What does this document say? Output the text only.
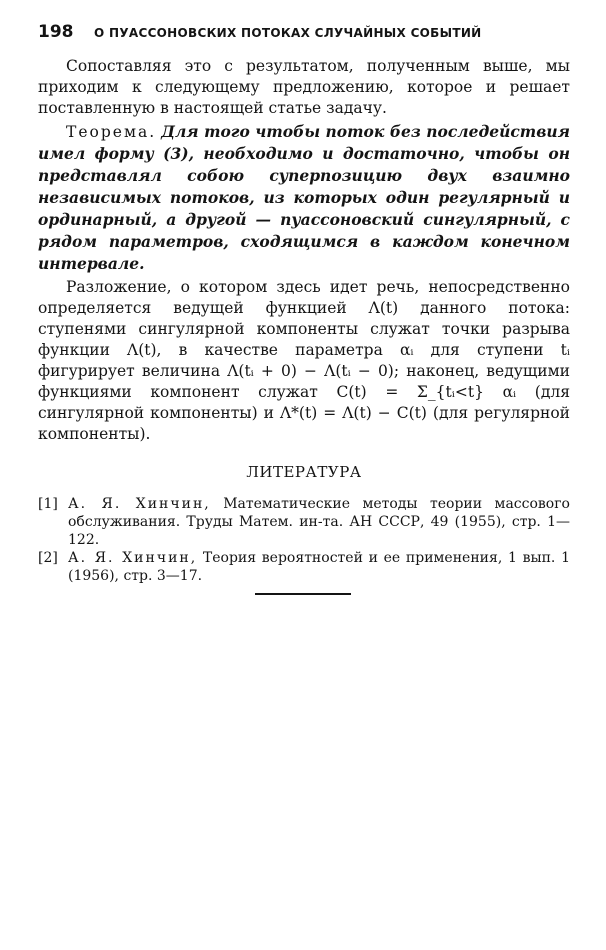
198	О ПУАССОНОВСКИХ ПОТОКАХ СЛУЧАЙНЫХ СОБЫТИЙ

Сопоставляя это с результатом, полученным выше, мы приходим к следующему предложению, которое и решает поставленную в настоящей статье задачу.

Теорема. Для того чтобы поток без последействия имел форму (3), необходимо и достаточно, чтобы он представлял собою суперпозицию двух взаимно независимых потоков, из которых один регулярный и ординарный, а другой — пуассоновский сингулярный, с рядом параметров, сходящимся в каждом конечном интервале.

Разложение, о котором здесь идет речь, непосредственно определяется ведущей функцией Λ(t) данного потока: ступенями сингулярной компоненты служат точки разрыва функции Λ(t), в качестве параметра αᵢ для ступени tᵢ фигурирует величина Λ(tᵢ + 0) − Λ(tᵢ − 0); наконец, ведущими функциями компонент служат C(t) = Σ_{tᵢ<t} αᵢ (для сингулярной компоненты) и Λ*(t) = Λ(t) − C(t) (для регулярной компоненты).

ЛИТЕРАТУРА
[1] А. Я. Хинчин, Математические методы теории массового обслуживания. Труды Матем. ин-та. АН СССР, 49 (1955), стр. 1—122.
[2] А. Я. Хинчин, Теория вероятностей и ее применения, 1 вып. 1 (1956), стр. 3—17.
